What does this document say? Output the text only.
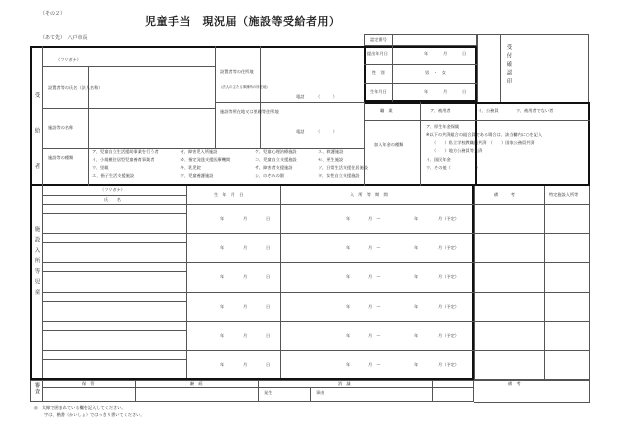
（その２）
児童手当　現況届（施設等受給者用）
（あて先）　八戸市長	認定番号
受付確認印
提出年月日	年	月	日
性　別	男　・　女
生年月日	年	月	日
受給者
（フリガナ）
設置者等の氏名（法人名称）
施設等の名称
設置者等の住所地
（法人の主たる事務所の所在地）
電話	（　　　）
施設等所在地又は里親等住所地
電話	（　　　）
施設等の種類
ア、児童自立生活援助事業を行う者
イ、小規模住居型児童養育事業者
ウ、里親
エ、指子生活支援施設
オ、障害児入所施設
カ、指定発達支援医療機関
キ、乳児院
ク、児童養護施設
ケ、児童心理治療施設
コ、児童自立支援施設
サ、障害者支援施設
シ、のぞみの園
ス、救護施設
セ、更生施設
ソ、日常生活支援住居施設
タ、女性自立支援施設
職　業	ア、被用者	イ、公務員	ウ、被用者でない者
加入年金の種類
ア、厚生年金保険
※以下の共済組合の組合員である場合は、該当欄内に○を記入
（　　）私立学校教職員共済　（　　）国家公務員共済
（　　）地方公務員等共済
イ、国民年金
ウ、その他（　　　　　　）
施設入所等児童
（フリガナ）
氏　　名
生　年　月　日	入　所　等　期　間	備　　　考	特定施設入所等
年	月	日	年	月　〜	年	月（予定）
年	月	日	年	月　〜	年	月（予定）
年	月	日	年	月　〜	年	月（予定）
年	月	日	年	月　〜	年	月（予定）
年	月	日	年	月　〜	年	月（予定）
年	月	日	年	月　〜	年	月（予定）
審査	保　管	継　続	消　滅	備　考
発生	事由
◎　太線で囲まれている欄を記入してください。
字は、楷書（かいしょ）ではっきり書いてください。
